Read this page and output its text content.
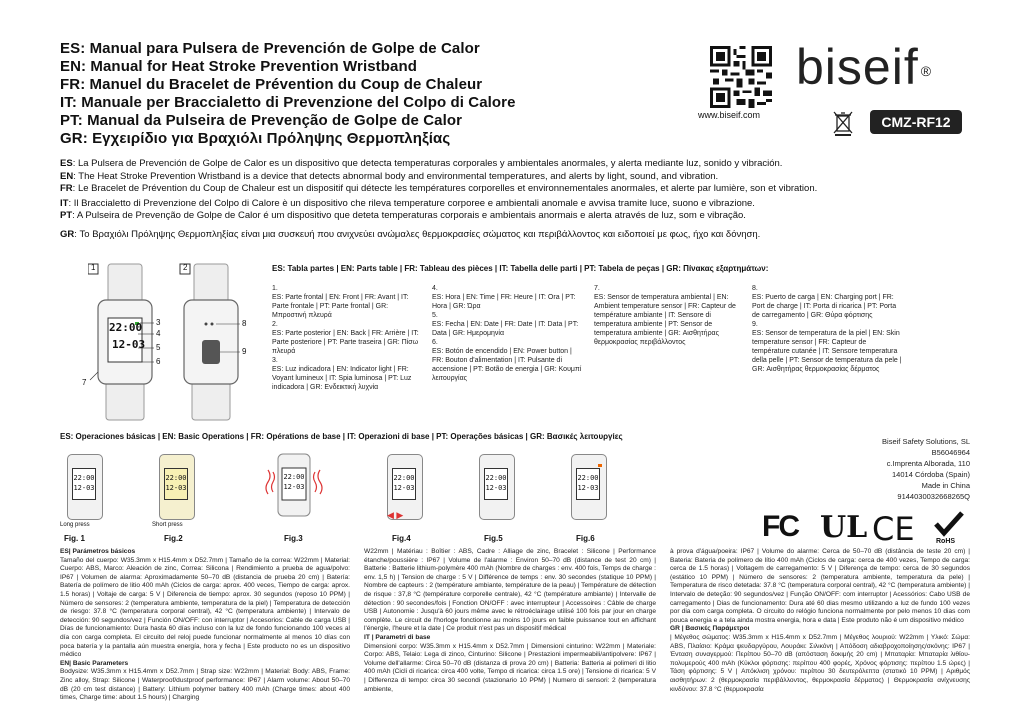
ES: Manual para Pulsera de Prevención de Golpe de Calor
EN: Manual for Heat Stroke Prevention Wristband
FR: Manuel du Bracelet de Prévention du Coup de Chaleur
IT: Manuale per Braccialetto di Prevenzione del Colpo di Calore
PT: Manual da Pulseira de Prevenção de Golpe de Calor
GR: Εγχειρίδιο για Βραχιόλι Πρόληψης Θερμοπληξίας
www.biseif.com
biseif ®
CMZ-RF12

ES: La Pulsera de Prevención de Golpe de Calor es un dispositivo que detecta temperaturas corporales y ambientales anormales, y alerta mediante luz, sonido y vibración.

EN: The Heat Stroke Prevention Wristband is a device that detects abnormal body and environmental temperatures, and alerts by light, sound, and vibration.

FR: Le Bracelet de Prévention du Coup de Chaleur est un dispositif qui détecte les températures corporelles et environnementales anormales, et alerte par lumière, son et vibration.

IT: Il Braccialetto di Prevenzione del Colpo di Calore è un dispositivo che rileva temperature corporee e ambientali anomale e avvisa tramite luce, suono e vibrazione.

PT: A Pulseira de Prevenção de Golpe de Calor é um dispositivo que deteta temperaturas corporais e ambientais anormais e alerta através de luz, som e vibração.

GR: Το Βραχιόλι Πρόληψης Θερμοπληξίας είναι μια συσκευή που ανιχνεύει ανώμαλες θερμοκρασίες σώματος και περιβάλλοντος και ειδοποιεί με φως, ήχο και δόνηση.

1	2
3
4
5
6
7
8
9
22:00
12-03
ES: Tabla partes | EN: Parts table | FR: Tableau des pièces | IT: Tabella delle parti | PT: Tabela de peças | GR: Πίνακας εξαρτημάτων:
1.
ES: Parte frontal | EN: Front | FR: Avant | IT: Parte frontale | PT: Parte frontal | GR: Μπροστινή πλευρά
2.
ES: Parte posterior | EN: Back | FR: Arrière | IT: Parte posteriore | PT: Parte traseira | GR: Πίσω πλευρά
3.
ES: Luz indicadora | EN: Indicator light | FR: Voyant lumineux | IT: Spia luminosa | PT: Luz indicadora | GR: Ενδεικτική λυχνία
4.
ES: Hora | EN: Time | FR: Heure | IT: Ora | PT: Hora | GR: Ώρα
5.
ES: Fecha | EN: Date | FR: Date | IT: Data | PT: Data | GR: Ημερομηνία
6.
ES: Botón de encendido | EN: Power button | FR: Bouton d'alimentation | IT: Pulsante di accensione | PT: Botão de energia | GR: Κουμπί λειτουργίας
7.
ES: Sensor de temperatura ambiental | EN: Ambient temperature sensor | FR: Capteur de température ambiante | IT: Sensore di temperatura ambiente | PT: Sensor de temperatura ambiente | GR: Αισθητήρας θερμοκρασίας περιβάλλοντος
8.
ES: Puerto de carga | EN: Charging port | FR: Port de charge | IT: Porta di ricarica | PT: Porta de carregamento | GR: Θύρα φόρτισης
9.
ES: Sensor de temperatura de la piel | EN: Skin temperature sensor | FR: Capteur de température cutanée | IT: Sensore temperatura della pelle | PT: Sensor de temperatura da pele | GR: Αισθητήρας θερμοκρασίας δέρματος
ES: Operaciones básicas | EN: Basic Operations | FR: Opérations de base | IT: Operazioni di base | PT: Operações básicas | GR: Βασικές λειτουργίες
Biseif Safety Solutions, SL
B56046964
c.Imprenta Alborada, 110
14014 Córdoba (Spain)
Made in China
9144030032668265Q
22:00
12-03
Long press
Fig. 1
22:00
12-03
Short press
Fig.2
22:00
12-03
Fig.3
22:00
12-03
◀ ▶
Fig.4
22:00
12-03
Fig.5
22:00
12-03
Fig.6	FC UL CE	RoHS
ES| Parámetros básicos
Tamaño del cuerpo: W35.3mm x H15.4mm x D52.7mm | Tamaño de la correa: W22mm | Material: Cuerpo: ABS, Marco: Aleación de zinc, Correa: Silicona | Rendimiento a prueba de agua/polvo: IP67 | Volumen de alarma: Aproximadamente 50–70 dB (distancia de prueba 20 cm) | Batería: Batería de polímero de litio 400 mAh (Ciclos de carga: aprox. 400 veces, Tiempo de carga: aprox. 1.5 horas) | Voltaje de carga: 5 V | Diferencia de tiempo: aprox. 30 segundos (reposo 10 PPM) | Número de sensores: 2 (temperatura ambiente, temperatura de la piel) | Temperatura de detección de riesgo: 37.8 °C (temperatura corporal central), 42 °C (temperatura ambiente) | Intervalo de detección: 90 segundos/vez | Función ON/OFF: con interruptor | Accesorios: Cable de carga USB | Días de funcionamiento: Dura hasta 60 días incluso con la luz de fondo funcionando 100 veces al día con carga completa. El circuito del reloj puede funcionar normalmente al menos 10 días con poca batería y la pantalla aún muestra energía, hora y fecha | Este producto no es un dispositivo médico
EN| Basic Parameters
Bodysize: W35.3mm x H15.4mm x D52.7mm | Strap size: W22mm | Material: Body: ABS, Frame: Zinc alloy, Strap: Silicone | Waterproof/dustproof performance: IP67 | Alarm volume: About 50–70 dB (20 cm test distance) | Battery: Lithium polymer battery 400 mAh (Charge times: about 400 times, Charge time: about 1.5 hours) | Charging
W22mm | Matériau : Boîtier : ABS, Cadre : Alliage de zinc, Bracelet : Silicone | Performance étanche/poussière : IP67 | Volume de l'alarme : Environ 50–70 dB (distance de test 20 cm) | Batterie : Batterie lithium-polymère 400 mAh (Nombre de charges : env. 400 fois, Temps de charge : env. 1,5 h) | Tension de charge : 5 V | Différence de temps : env. 30 secondes (statique 10 PPM) | Nombre de capteurs : 2 (température ambiante, température de la peau) | Température de détection de risque : 37,8 °C (température corporelle centrale), 42 °C (température ambiante) | Intervalle de détection : 90 secondes/fois | Fonction ON/OFF : avec interrupteur | Accessoires : Câble de charge USB | Autonomie : Jusqu'à 60 jours même avec le rétroéclairage utilisé 100 fois par jour en charge complète. Le circuit de l'horloge fonctionne au moins 10 jours en faible puissance tout en affichant l'énergie, l'heure et la date | Ce produit n'est pas un dispositif médical
IT | Parametri di base
Dimensioni corpo: W35.3mm x H15.4mm x D52.7mm | Dimensioni cinturino: W22mm | Materiale: Corpo: ABS, Telaio: Lega di zinco, Cinturino: Silicone | Prestazioni impermeabili/antipolvere: IP67 | Volume dell'allarme: Circa 50–70 dB (distanza di prova 20 cm) | Batteria: Batteria ai polimeri di litio 400 mAh (Cicli di ricarica: circa 400 volte, Tempo di ricarica: circa 1.5 ore) | Tensione di ricarica: 5 V | Differenza di tempo: circa 30 secondi (stazionario 10 PPM) | Numero di sensori: 2 (temperatura ambiente,
à prova d'água/poeira: IP67 | Volume do alarme: Cerca de 50–70 dB (distância de teste 20 cm) | Bateria: Bateria de polímero de lítio 400 mAh (Ciclos de carga: cerca de 400 vezes, Tempo de carga: cerca de 1.5 horas) | Voltagem de carregamento: 5 V | Diferença de tempo: cerca de 30 segundos (estático 10 PPM) | Número de sensores: 2 (temperatura ambiente, temperatura da pele) | Temperatura de risco detetada: 37.8 °C (temperatura corporal central), 42 °C (temperatura ambiente) | Intervalo de deteção: 90 segundos/vez | Função ON/OFF: com interruptor | Acessórios: Cabo USB de carregamento | Dias de funcionamento: Dura até 60 dias mesmo utilizando a luz de fundo 100 vezes por dia com carga completa. O circuito do relógio funciona normalmente por pelo menos 10 dias com pouca energia e a tela ainda mostra energia, hora e data | Este produto não é um dispositivo médico
GR | Βασικές Παράμετροι
| Μέγεθος σώματος: W35.3mm x H15.4mm x D52.7mm | Μέγεθος λουριού: W22mm | Υλικό: Σώμα: ABS, Πλαίσιο: Κράμα ψευδαργύρου, Λουράκι: Σιλικόνη | Απόδοση αδιαβροχοποίησης/σκόνης: IP67 | Ένταση συναγερμού: Περίπου 50–70 dB (απόσταση δοκιμής 20 cm) | Μπαταρία: Μπαταρία λιθίου-πολυμερούς 400 mAh (Κύκλοι φόρτισης: περίπου 400 φορές, Χρόνος φόρτισης: περίπου 1.5 ώρες) | Τάση φόρτισης: 5 V | Απόκλιση χρόνου: περίπου 30 δευτερόλεπτα (στατικό 10 PPM) | Αριθμός αισθητήρων: 2 (θερμοκρασία περιβάλλοντος, θερμοκρασία δέρματος) | Θερμοκρασία ανίχνευσης κινδύνου: 37.8 °C (θερμοκρασία
